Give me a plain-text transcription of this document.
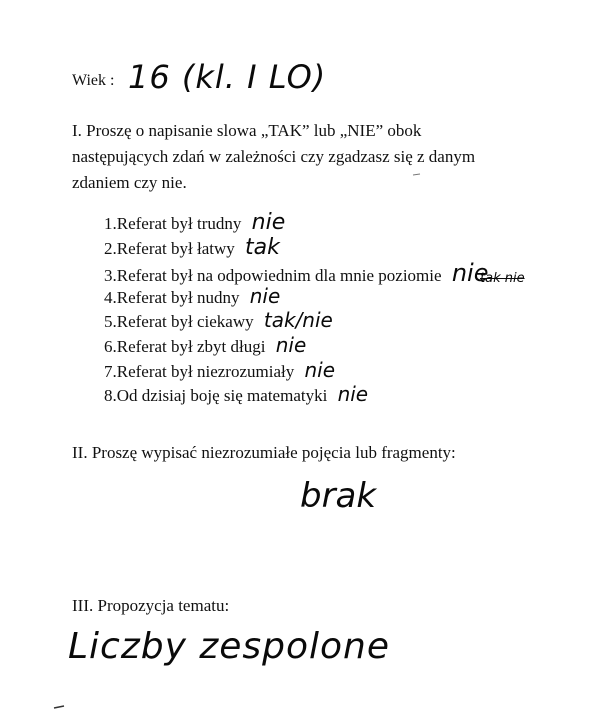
Wiek : 16 (kl. I LO)
I. Proszę o napisanie slowa „TAK” lub „NIE” obok
następujących zdań w zależności czy zgadzasz się z danym
zdaniem czy nie.
1.Referat był trudny nie
2.Referat był łatwy tak
3.Referat był na odpowiednim dla mnie poziomie nie
tak nie
4.Referat był nudny nie
5.Referat był ciekawy tak/nie
6.Referat był zbyt długi nie
7.Referat był niezrozumiały nie
8.Od dzisiaj boję się matematyki nie
II. Proszę wypisać niezrozumiałe pojęcia lub fragmenty:
brak
III. Propozycja tematu:
Liczby zespolone
